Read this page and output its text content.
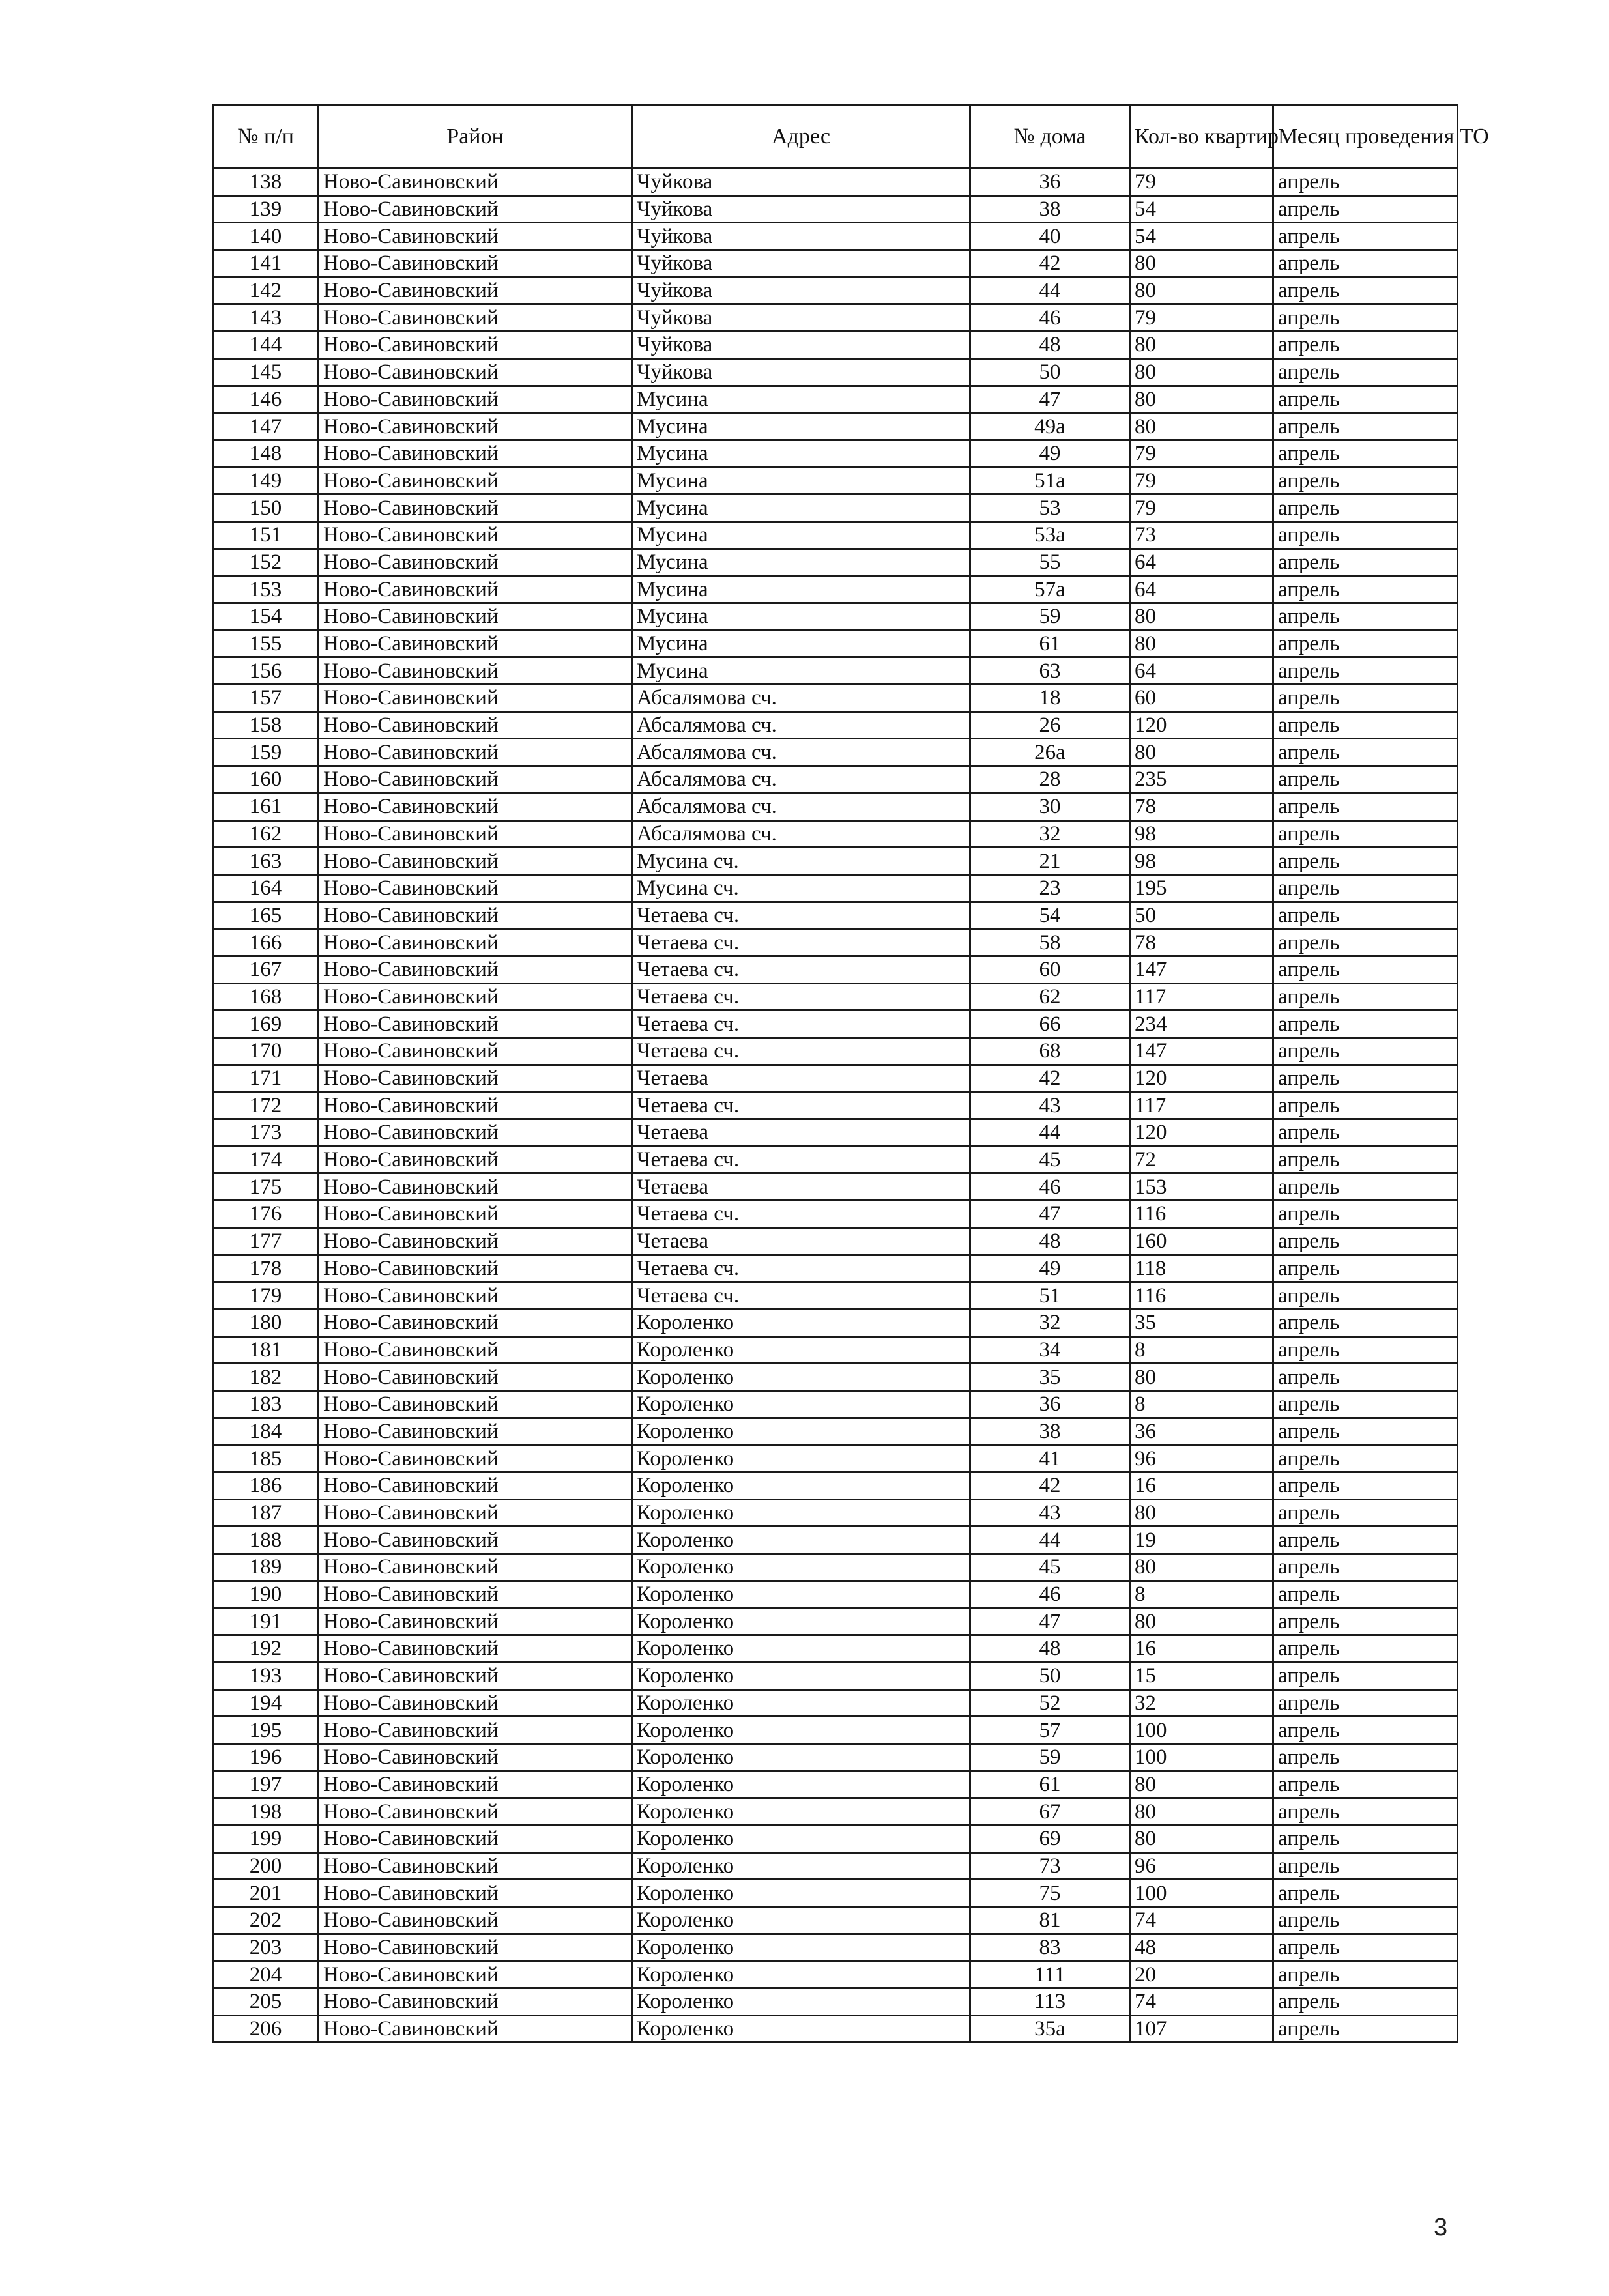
№ п/п	Район	Адрес	№ дома	Кол-во квартир	Месяц проведения ТО
138	Ново-Савиновский	Чуйкова	36	79	апрель
139	Ново-Савиновский	Чуйкова	38	54	апрель
140	Ново-Савиновский	Чуйкова	40	54	апрель
141	Ново-Савиновский	Чуйкова	42	80	апрель
142	Ново-Савиновский	Чуйкова	44	80	апрель
143	Ново-Савиновский	Чуйкова	46	79	апрель
144	Ново-Савиновский	Чуйкова	48	80	апрель
145	Ново-Савиновский	Чуйкова	50	80	апрель
146	Ново-Савиновский	Мусина	47	80	апрель
147	Ново-Савиновский	Мусина	49а	80	апрель
148	Ново-Савиновский	Мусина	49	79	апрель
149	Ново-Савиновский	Мусина	51а	79	апрель
150	Ново-Савиновский	Мусина	53	79	апрель
151	Ново-Савиновский	Мусина	53а	73	апрель
152	Ново-Савиновский	Мусина	55	64	апрель
153	Ново-Савиновский	Мусина	57а	64	апрель
154	Ново-Савиновский	Мусина	59	80	апрель
155	Ново-Савиновский	Мусина	61	80	апрель
156	Ново-Савиновский	Мусина	63	64	апрель
157	Ново-Савиновский	Абсалямова сч.	18	60	апрель
158	Ново-Савиновский	Абсалямова сч.	26	120	апрель
159	Ново-Савиновский	Абсалямова сч.	26а	80	апрель
160	Ново-Савиновский	Абсалямова сч.	28	235	апрель
161	Ново-Савиновский	Абсалямова сч.	30	78	апрель
162	Ново-Савиновский	Абсалямова сч.	32	98	апрель
163	Ново-Савиновский	Мусина сч.	21	98	апрель
164	Ново-Савиновский	Мусина сч.	23	195	апрель
165	Ново-Савиновский	Четаева сч.	54	50	апрель
166	Ново-Савиновский	Четаева сч.	58	78	апрель
167	Ново-Савиновский	Четаева сч.	60	147	апрель
168	Ново-Савиновский	Четаева сч.	62	117	апрель
169	Ново-Савиновский	Четаева сч.	66	234	апрель
170	Ново-Савиновский	Четаева сч.	68	147	апрель
171	Ново-Савиновский	Четаева	42	120	апрель
172	Ново-Савиновский	Четаева сч.	43	117	апрель
173	Ново-Савиновский	Четаева	44	120	апрель
174	Ново-Савиновский	Четаева сч.	45	72	апрель
175	Ново-Савиновский	Четаева	46	153	апрель
176	Ново-Савиновский	Четаева сч.	47	116	апрель
177	Ново-Савиновский	Четаева	48	160	апрель
178	Ново-Савиновский	Четаева сч.	49	118	апрель
179	Ново-Савиновский	Четаева сч.	51	116	апрель
180	Ново-Савиновский	Короленко	32	35	апрель
181	Ново-Савиновский	Короленко	34	8	апрель
182	Ново-Савиновский	Короленко	35	80	апрель
183	Ново-Савиновский	Короленко	36	8	апрель
184	Ново-Савиновский	Короленко	38	36	апрель
185	Ново-Савиновский	Короленко	41	96	апрель
186	Ново-Савиновский	Короленко	42	16	апрель
187	Ново-Савиновский	Короленко	43	80	апрель
188	Ново-Савиновский	Короленко	44	19	апрель
189	Ново-Савиновский	Короленко	45	80	апрель
190	Ново-Савиновский	Короленко	46	8	апрель
191	Ново-Савиновский	Короленко	47	80	апрель
192	Ново-Савиновский	Короленко	48	16	апрель
193	Ново-Савиновский	Короленко	50	15	апрель
194	Ново-Савиновский	Короленко	52	32	апрель
195	Ново-Савиновский	Короленко	57	100	апрель
196	Ново-Савиновский	Короленко	59	100	апрель
197	Ново-Савиновский	Короленко	61	80	апрель
198	Ново-Савиновский	Короленко	67	80	апрель
199	Ново-Савиновский	Короленко	69	80	апрель
200	Ново-Савиновский	Короленко	73	96	апрель
201	Ново-Савиновский	Короленко	75	100	апрель
202	Ново-Савиновский	Короленко	81	74	апрель
203	Ново-Савиновский	Короленко	83	48	апрель
204	Ново-Савиновский	Короленко	111	20	апрель
205	Ново-Савиновский	Короленко	113	74	апрель
206	Ново-Савиновский	Короленко	35а	107	апрель
3
